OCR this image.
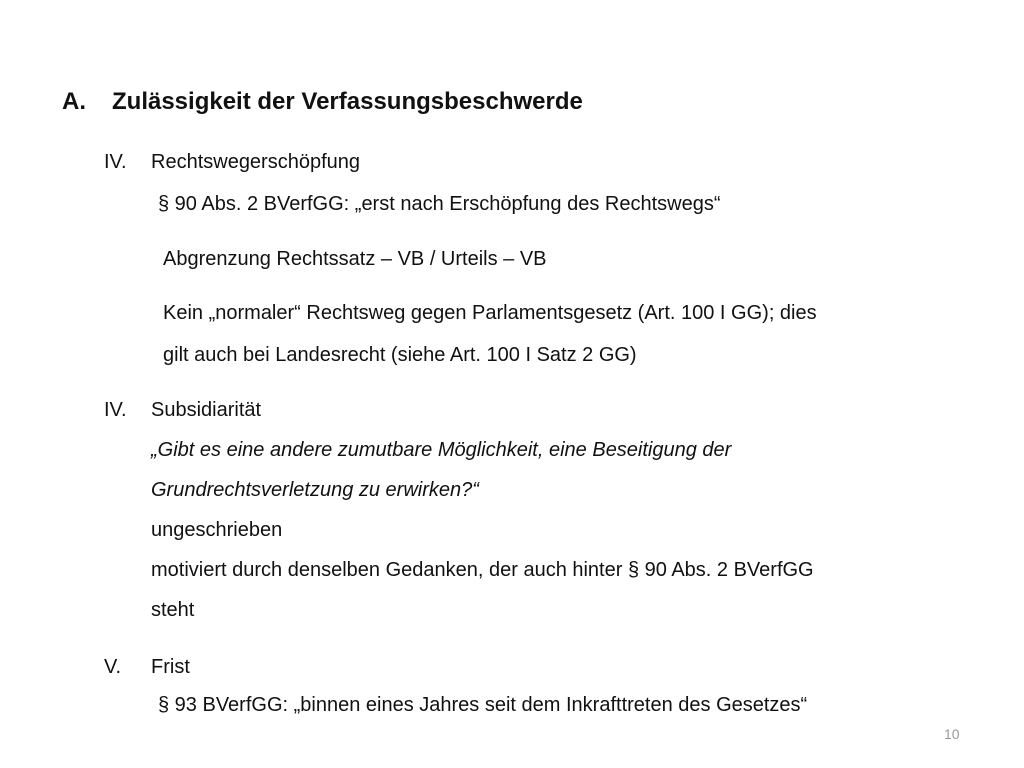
A. Zulässigkeit der Verfassungsbeschwerde
IV. Rechtswegerschöpfung
§ 90 Abs. 2 BVerfGG: „erst nach Erschöpfung des Rechtswegs“
Abgrenzung Rechtssatz – VB / Urteils – VB
Kein „normaler“ Rechtsweg gegen Parlamentsgesetz (Art. 100 I GG); dies
gilt auch bei Landesrecht (siehe Art. 100 I Satz 2 GG)
IV. Subsidiarität
„Gibt es eine andere zumutbare Möglichkeit, eine Beseitigung der
Grundrechtsverletzung zu erwirken?“
ungeschrieben
motiviert durch denselben Gedanken, der auch hinter § 90 Abs. 2 BVerfGG
steht
V. Frist
§ 93 BVerfGG: „binnen eines Jahres seit dem Inkrafttreten des Gesetzes“
10
